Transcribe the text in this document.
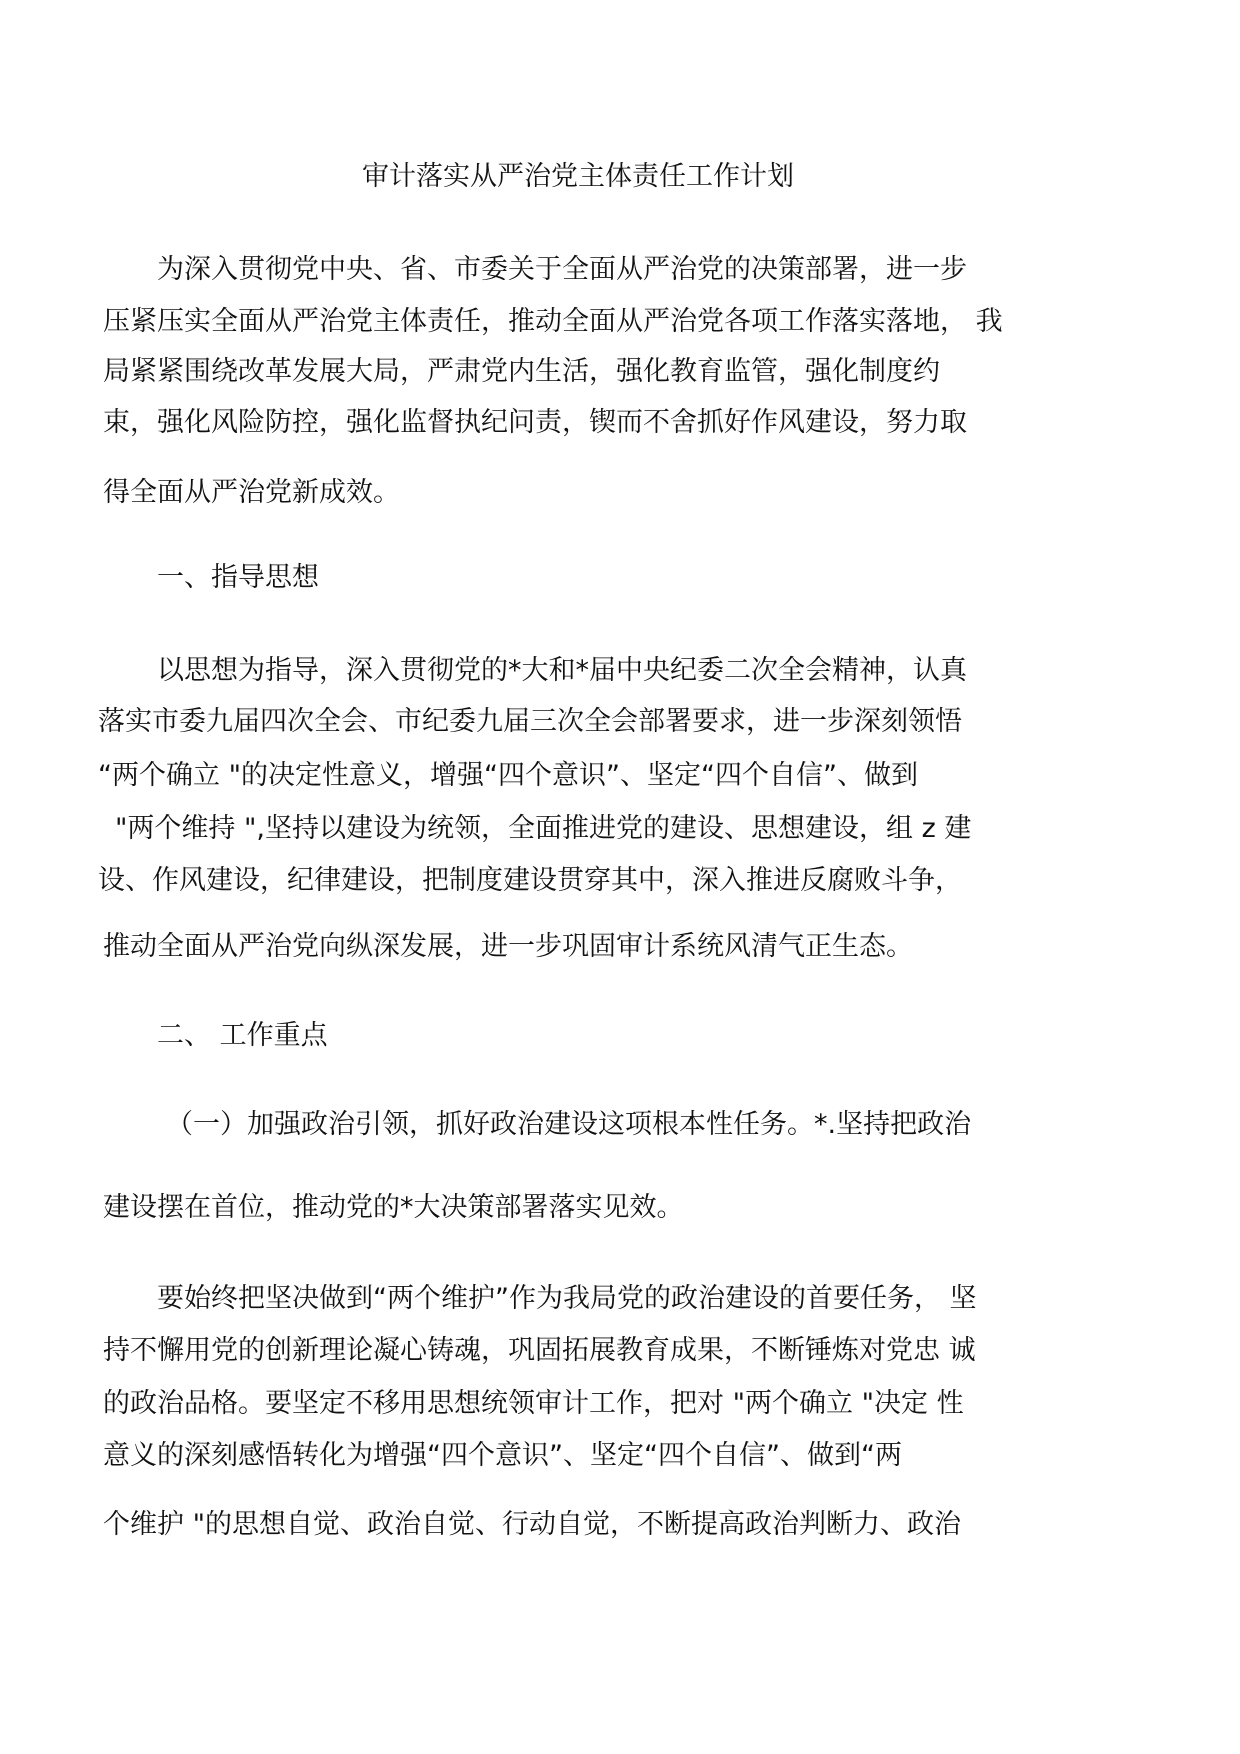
审计落实从严治党主体责任工作计划
为深入贯彻党中央、省、市委关于全面从严治党的决策部署，进一步
压紧压实全面从严治党主体责任，推动全面从严治党各项工作落实落地， 我
局紧紧围绕改革发展大局，严肃党内生活，强化教育监管，强化制度约
束，强化风险防控，强化监督执纪问责，锲而不舍抓好作风建设，努力取
得全面从严治党新成效。
一、指导思想
以思想为指导，深入贯彻党的*大和*届中央纪委二次全会精神，认真
落实市委九届四次全会、市纪委九届三次全会部署要求，进一步深刻领悟
“两个确立 "的决定性意义，增强“四个意识”、坚定“四个自信”、做到
"两个维持 ",坚持以建设为统领，全面推进党的建设、思想建设，组 z 建
设、作风建设，纪律建设，把制度建设贯穿其中，深入推进反腐败斗争，
推动全面从严治党向纵深发展，进一步巩固审计系统风清气正生态。
二、 工作重点
（一）加强政治引领，抓好政治建设这项根本性任务。*.坚持把政治
建设摆在首位，推动党的*大决策部署落实见效。
要始终把坚决做到“两个维护”作为我局党的政治建设的首要任务， 坚
持不懈用党的创新理论凝心铸魂，巩固拓展教育成果，不断锤炼对党忠 诚
的政治品格。要坚定不移用思想统领审计工作，把对 "两个确立 "决定 性
意义的深刻感悟转化为增强“四个意识”、坚定“四个自信”、做到“两
个维护 "的思想自觉、政治自觉、行动自觉，不断提高政治判断力、政治
